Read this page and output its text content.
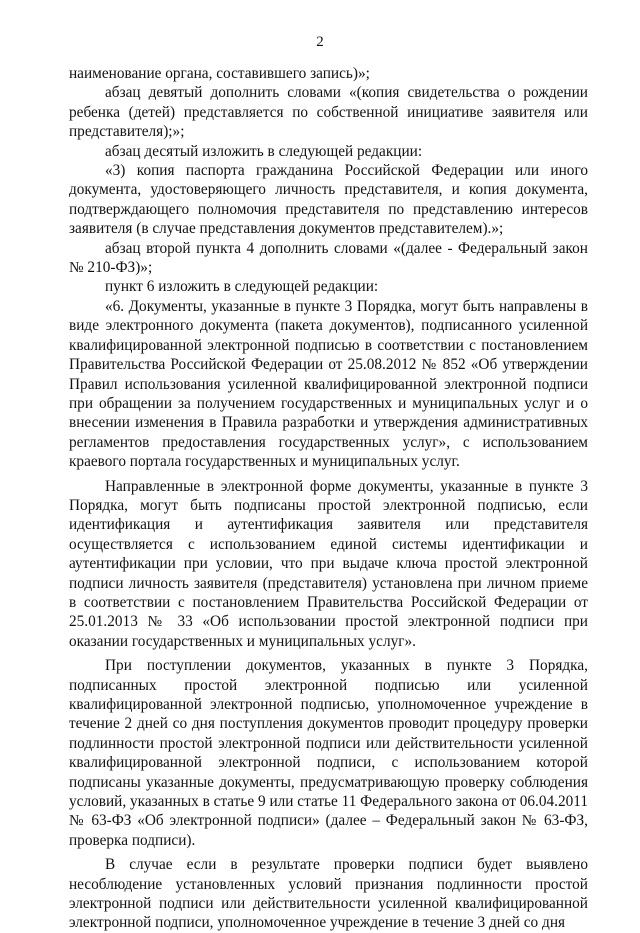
2

наименование органа, составившего запись)»;

абзац девятый дополнить словами «(копия свидетельства о рождении ребенка (детей) представляется по собственной инициативе заявителя или представителя);»;

абзац десятый изложить в следующей редакции:

«3) копия паспорта гражданина Российской Федерации или иного документа, удостоверяющего личность представителя, и копия документа, подтверждающего полномочия представителя по представлению интересов заявителя (в случае представления документов представителем).»;

абзац второй пункта 4 дополнить словами «(далее - Федеральный закон № 210-ФЗ)»;

пункт 6 изложить в следующей редакции:

«6. Документы, указанные в пункте 3 Порядка, могут быть направлены в виде электронного документа (пакета документов), подписанного усиленной квалифицированной электронной подписью в соответствии с постановлением Правительства Российской Федерации от 25.08.2012 № 852 «Об утверждении Правил использования усиленной квалифицированной электронной подписи при обращении за получением государственных и муниципальных услуг и о внесении изменения в Правила разработки и утверждения административных регламентов предоставления государственных услуг», с использованием краевого портала государственных и муниципальных услуг.

Направленные в электронной форме документы, указанные в пункте 3 Порядка, могут быть подписаны простой электронной подписью, если идентификация и аутентификация заявителя или представителя осуществляется с использованием единой системы идентификации и аутентификации при условии, что при выдаче ключа простой электронной подписи личность заявителя (представителя) установлена при личном приеме в соответствии с постановлением Правительства Российской Федерации от 25.01.2013 № 33 «Об использовании простой электронной подписи при оказании государственных и муниципальных услуг».

При поступлении документов, указанных в пункте 3 Порядка, подписанных простой электронной подписью или усиленной квалифицированной электронной подписью, уполномоченное учреждение в течение 2 дней со дня поступления документов проводит процедуру проверки подлинности простой электронной подписи или действительности усиленной квалифицированной электронной подписи, с использованием которой подписаны указанные документы, предусматривающую проверку соблюдения условий, указанных в статье 9 или статье 11 Федерального закона от 06.04.2011 № 63-ФЗ «Об электронной подписи» (далее – Федеральный закон № 63-ФЗ, проверка подписи).

В случае если в результате проверки подписи будет выявлено несоблюдение установленных условий признания подлинности простой электронной подписи или действительности усиленной квалифицированной электронной подписи, уполномоченное учреждение в течение 3 дней со дня
